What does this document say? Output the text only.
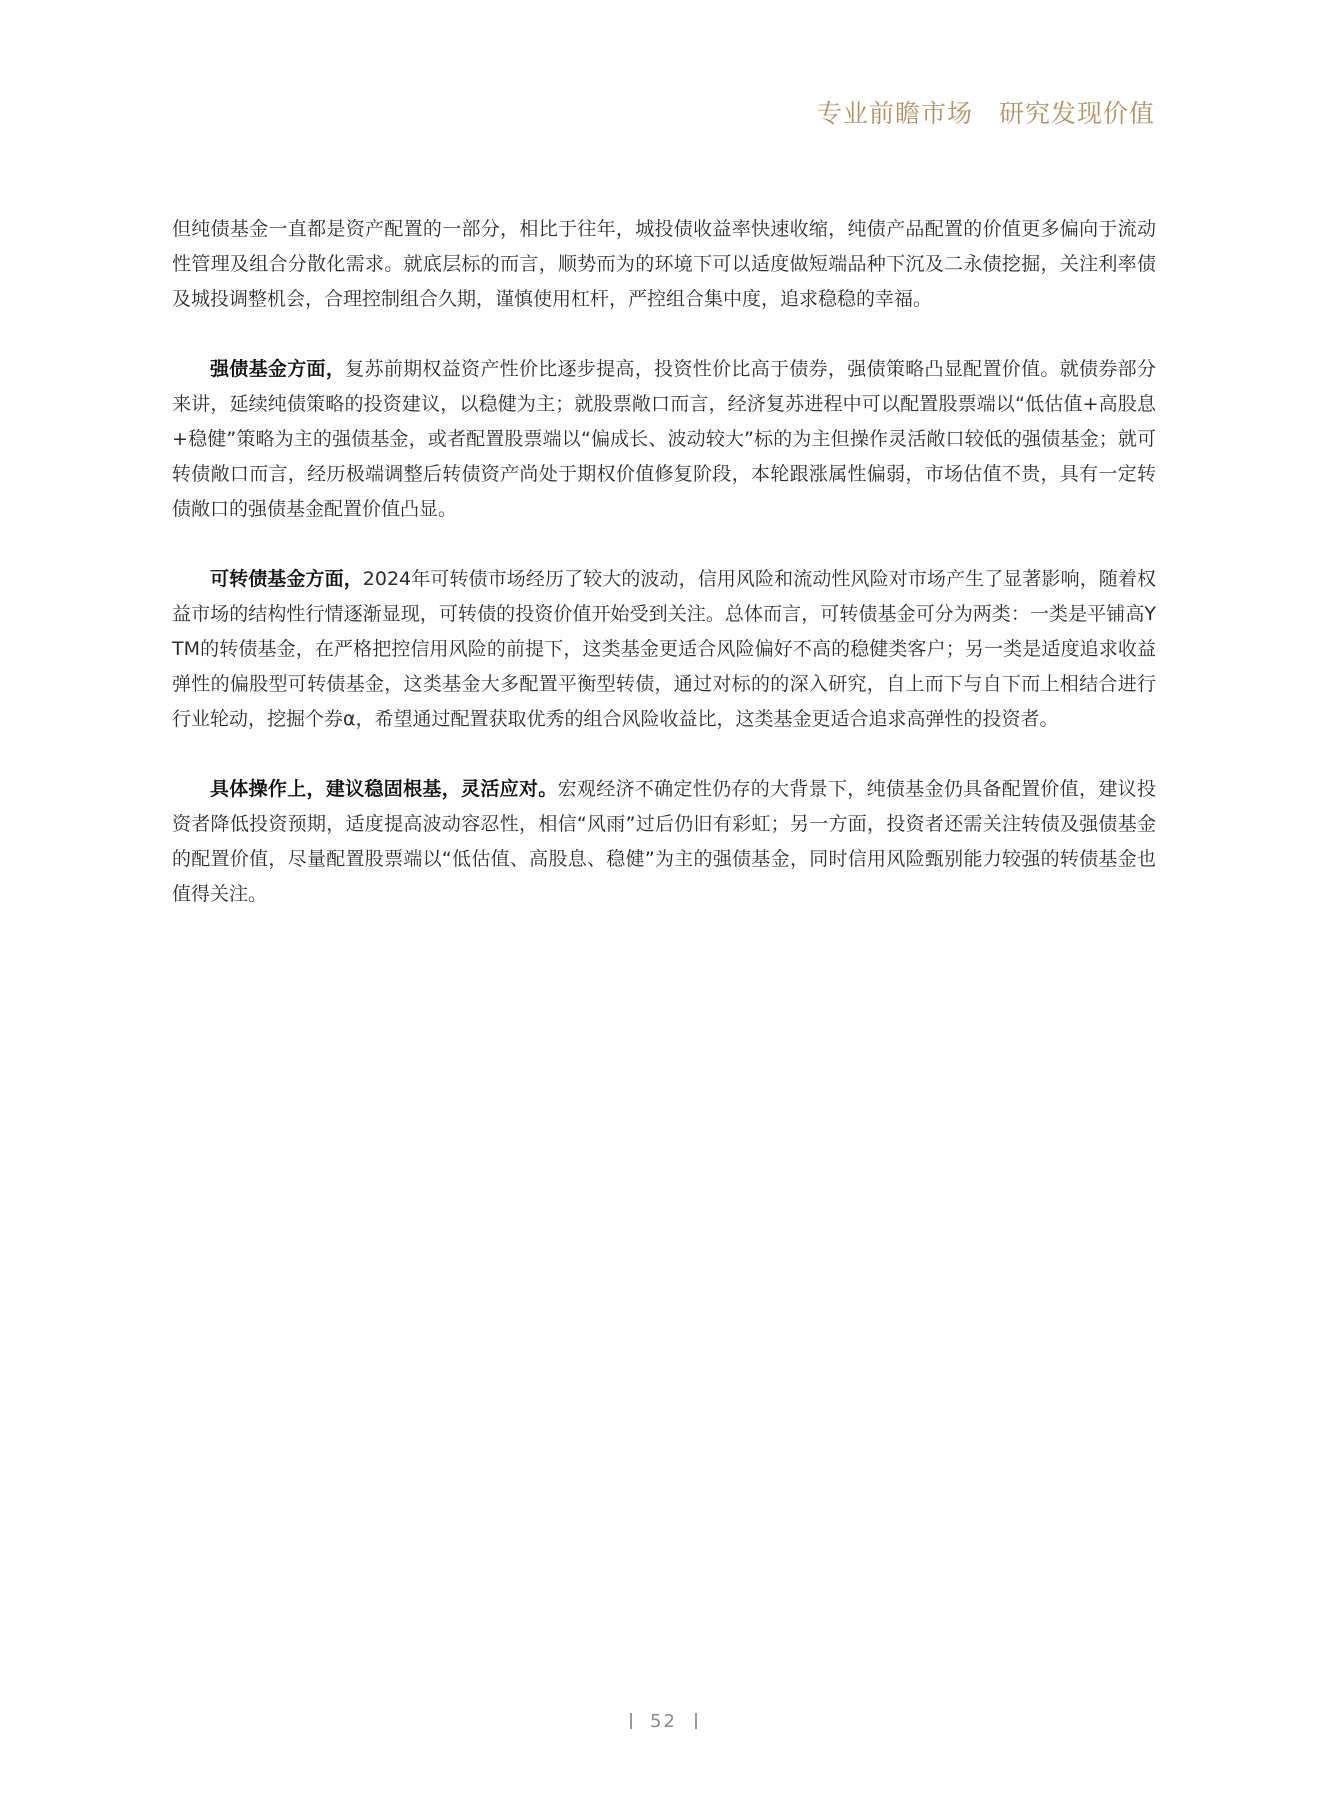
专业前瞻市场　研究发现价值

但纯债基金一直都是资产配置的一部分，相比于往年，城投债收益率快速收缩，纯债产品配置的价值更多偏向于流动性管理及组合分散化需求。就底层标的而言，顺势而为的环境下可以适度做短端品种下沉及二永债挖掘，关注利率债及城投调整机会，合理控制组合久期，谨慎使用杠杆，严控组合集中度，追求稳稳的幸福。

强债基金方面，复苏前期权益资产性价比逐步提高，投资性价比高于债券，强债策略凸显配置价值。就债券部分来讲，延续纯债策略的投资建议，以稳健为主；就股票敞口而言，经济复苏进程中可以配置股票端以“低估值+高股息+稳健”策略为主的强债基金，或者配置股票端以“偏成长、波动较大”标的为主但操作灵活敞口较低的强债基金；就可转债敞口而言，经历极端调整后转债资产尚处于期权价值修复阶段，本轮跟涨属性偏弱，市场估值不贵，具有一定转债敞口的强债基金配置价值凸显。

可转债基金方面，2024年可转债市场经历了较大的波动，信用风险和流动性风险对市场产生了显著影响，随着权益市场的结构性行情逐渐显现，可转债的投资价值开始受到关注。总体而言，可转债基金可分为两类：一类是平铺高YTM的转债基金，在严格把控信用风险的前提下，这类基金更适合风险偏好不高的稳健类客户；另一类是适度追求收益弹性的偏股型可转债基金，这类基金大多配置平衡型转债，通过对标的的深入研究，自上而下与自下而上相结合进行行业轮动，挖掘个券α，希望通过配置获取优秀的组合风险收益比，这类基金更适合追求高弹性的投资者。

具体操作上，建议稳固根基，灵活应对。宏观经济不确定性仍存的大背景下，纯债基金仍具备配置价值，建议投资者降低投资预期，适度提高波动容忍性，相信“风雨”过后仍旧有彩虹；另一方面，投资者还需关注转债及强债基金的配置价值，尽量配置股票端以“低估值、高股息、稳健”为主的强债基金，同时信用风险甄别能力较强的转债基金也值得关注。

52
